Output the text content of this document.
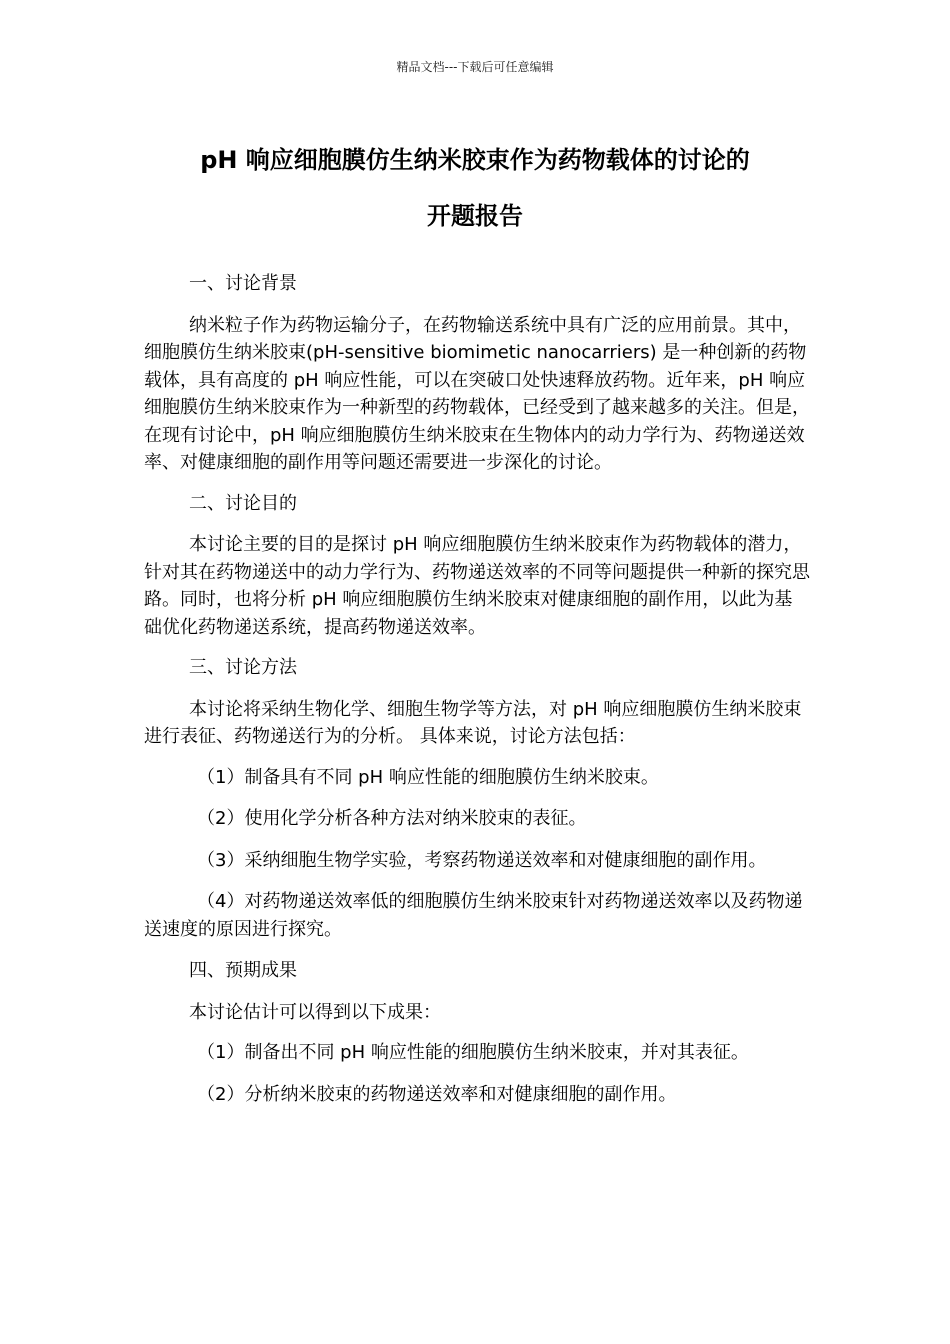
精品文档---下载后可任意编辑
pH 响应细胞膜仿生纳米胶束作为药物载体的讨论的
开题报告

一、讨论背景

纳米粒子作为药物运输分子，在药物输送系统中具有广泛的应用前景。其中，细胞膜仿生纳米胶束(pH-sensitive biomimetic nanocarriers) 是一种创新的药物载体，具有高度的 pH 响应性能，可以在突破口处快速释放药物。近年来，pH 响应细胞膜仿生纳米胶束作为一种新型的药物载体，已经受到了越来越多的关注。但是，在现有讨论中，pH 响应细胞膜仿生纳米胶束在生物体内的动力学行为、药物递送效率、对健康细胞的副作用等问题还需要进一步深化的讨论。

二、讨论目的

本讨论主要的目的是探讨 pH 响应细胞膜仿生纳米胶束作为药物载体的潜力，针对其在药物递送中的动力学行为、药物递送效率的不同等问题提供一种新的探究思路。同时，也将分析 pH 响应细胞膜仿生纳米胶束对健康细胞的副作用，以此为基础优化药物递送系统，提高药物递送效率。

三、讨论方法

本讨论将采纳生物化学、细胞生物学等方法，对 pH 响应细胞膜仿生纳米胶束进行表征、药物递送行为的分析。 具体来说，讨论方法包括：

（1）制备具有不同 pH 响应性能的细胞膜仿生纳米胶束。

（2）使用化学分析各种方法对纳米胶束的表征。

（3）采纳细胞生物学实验，考察药物递送效率和对健康细胞的副作用。

（4）对药物递送效率低的细胞膜仿生纳米胶束针对药物递送效率以及药物递送速度的原因进行探究。

四、预期成果

本讨论估计可以得到以下成果：

（1）制备出不同 pH 响应性能的细胞膜仿生纳米胶束，并对其表征。

（2）分析纳米胶束的药物递送效率和对健康细胞的副作用。
